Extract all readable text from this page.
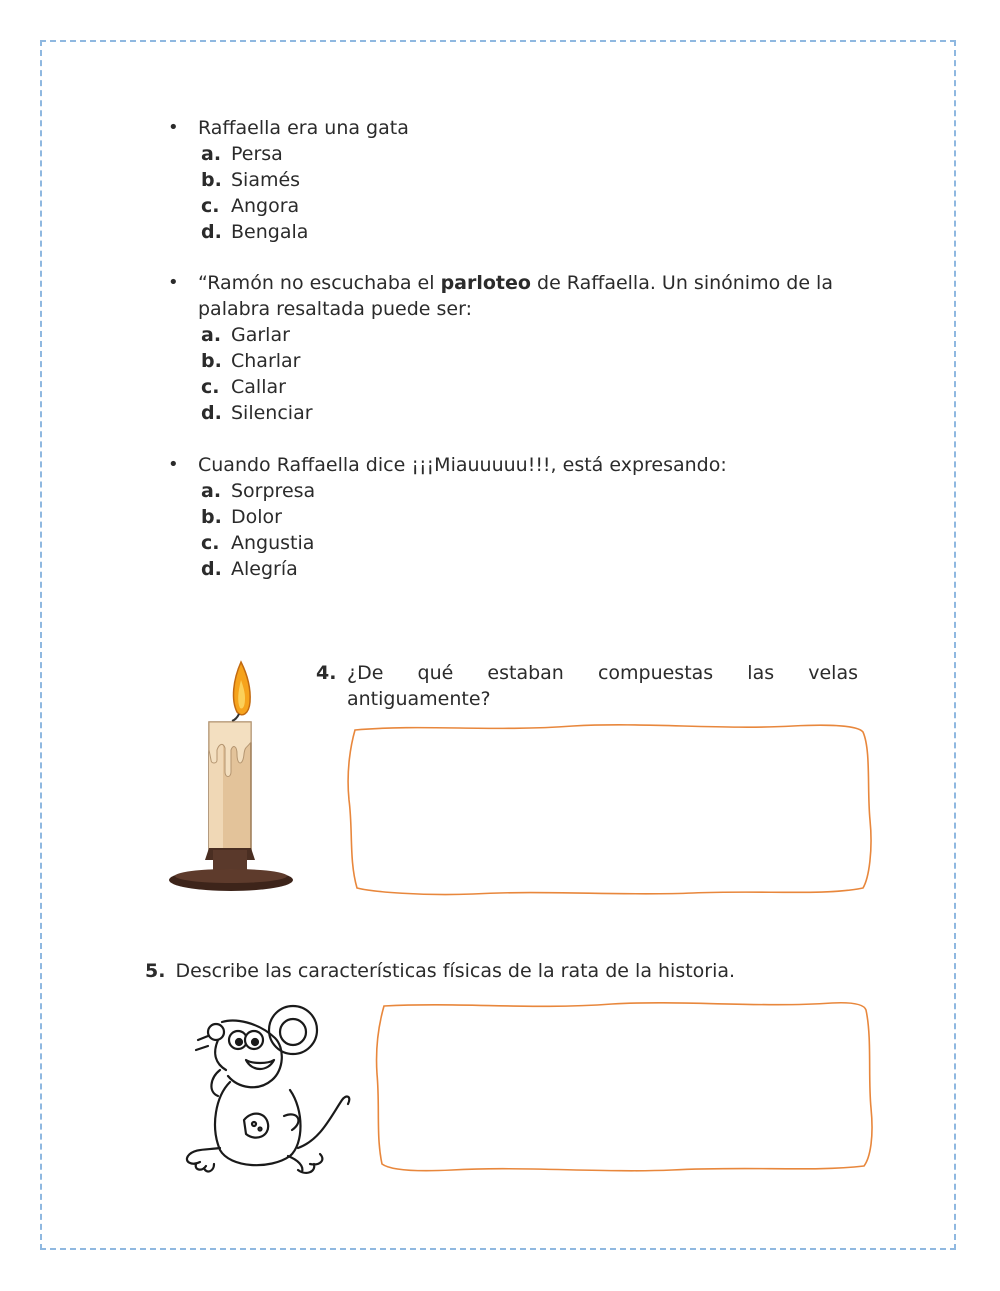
• Raffaella era una gata
a. Persa
b. Siamés
c. Angora
d. Bengala
• “Ramón no escuchaba el parloteo de Raffaella. Un sinónimo de la palabra resaltada puede ser:
a. Garlar
b. Charlar
c. Callar
d. Silenciar
• Cuando Raffaella dice ¡¡¡Miauuuuu!!!, está expresando:
a. Sorpresa
b. Dolor
c. Angustia
d. Alegría
4. ¿De qué estaban compuestas las velas antiguamente?
5. Describe las características físicas de la rata de la historia.
